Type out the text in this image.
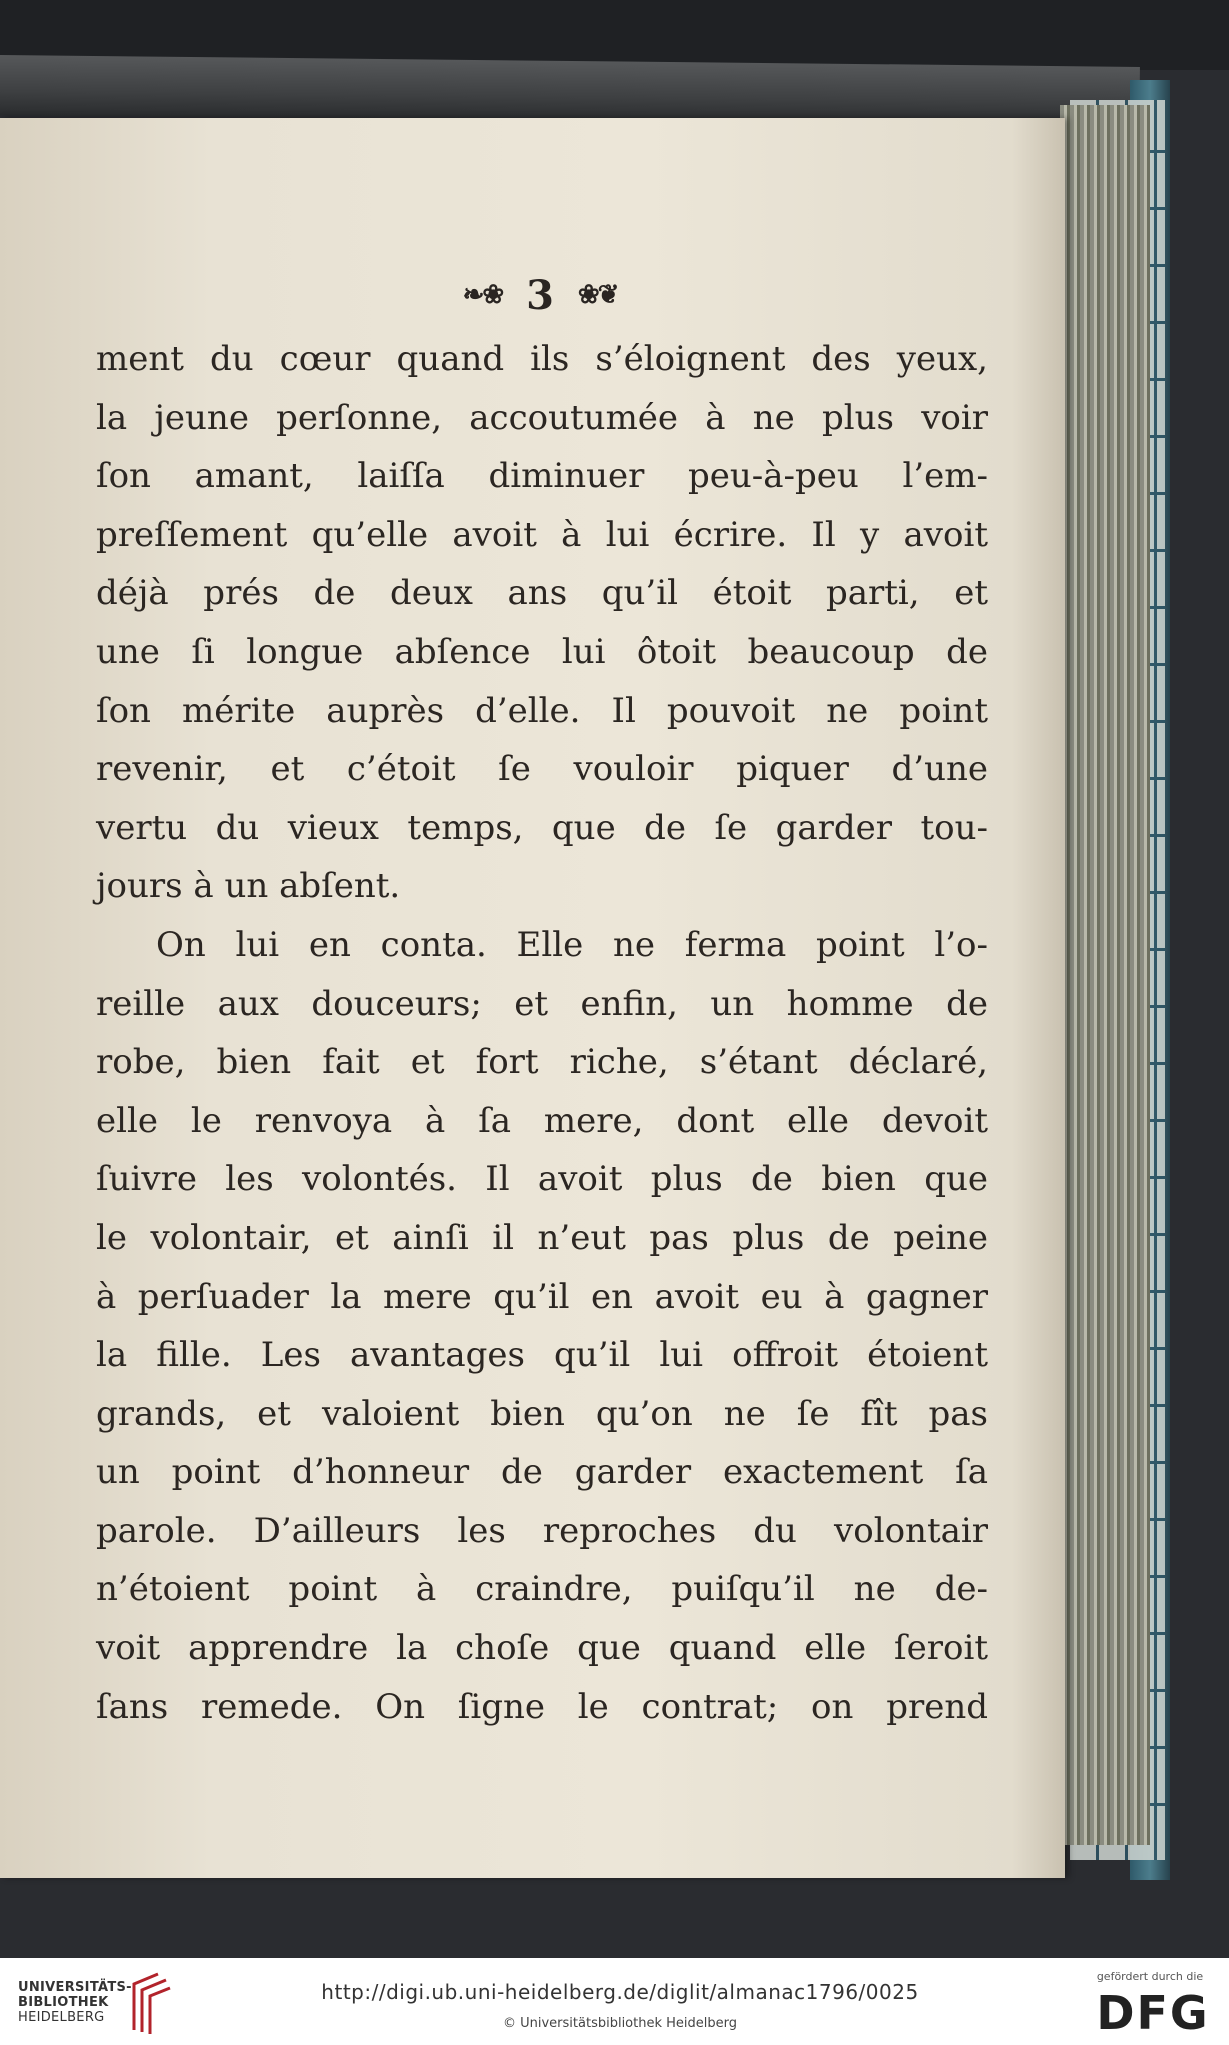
❧❀ 3 ❀❦
ment du cœur quand ils s’éloignent des yeux,
la jeune perſonne, accoutumée à ne plus voir
ſon amant, laiſſa diminuer peu-à-peu l’em-
preſſement qu’elle avoit à lui écrire. Il y avoit
déjà prés de deux ans qu’il étoit parti, et
une ſi longue abſence lui ôtoit beaucoup de
ſon mérite auprès d’elle. Il pouvoit ne point
revenir, et c’étoit ſe vouloir piquer d’une
vertu du vieux temps, que de ſe garder tou-
jours à un abſent.
On lui en conta. Elle ne ferma point l’o-
reille aux douceurs; et enfin, un homme de
robe, bien fait et fort riche, s’étant déclaré,
elle le renvoya à ſa mere, dont elle devoit
ſuivre les volontés. Il avoit plus de bien que
le volontair, et ainſi il n’eut pas plus de peine
à perſuader la mere qu’il en avoit eu à gagner
la fille. Les avantages qu’il lui offroit étoient
grands, et valoient bien qu’on ne ſe fît pas
un point d’honneur de garder exactement ſa
parole. D’ailleurs les reproches du volontair
n’étoient point à craindre, puiſqu’il ne de-
voit apprendre la choſe que quand elle ſeroit
ſans remede. On ſigne le contrat; on prend
UNIVERSITÄTS-
BIBLIOTHEK
HEIDELBERG
http://digi.ub.uni-heidelberg.de/diglit/almanac1796/0025
© Universitätsbibliothek Heidelberg
gefördert durch die
DFG
